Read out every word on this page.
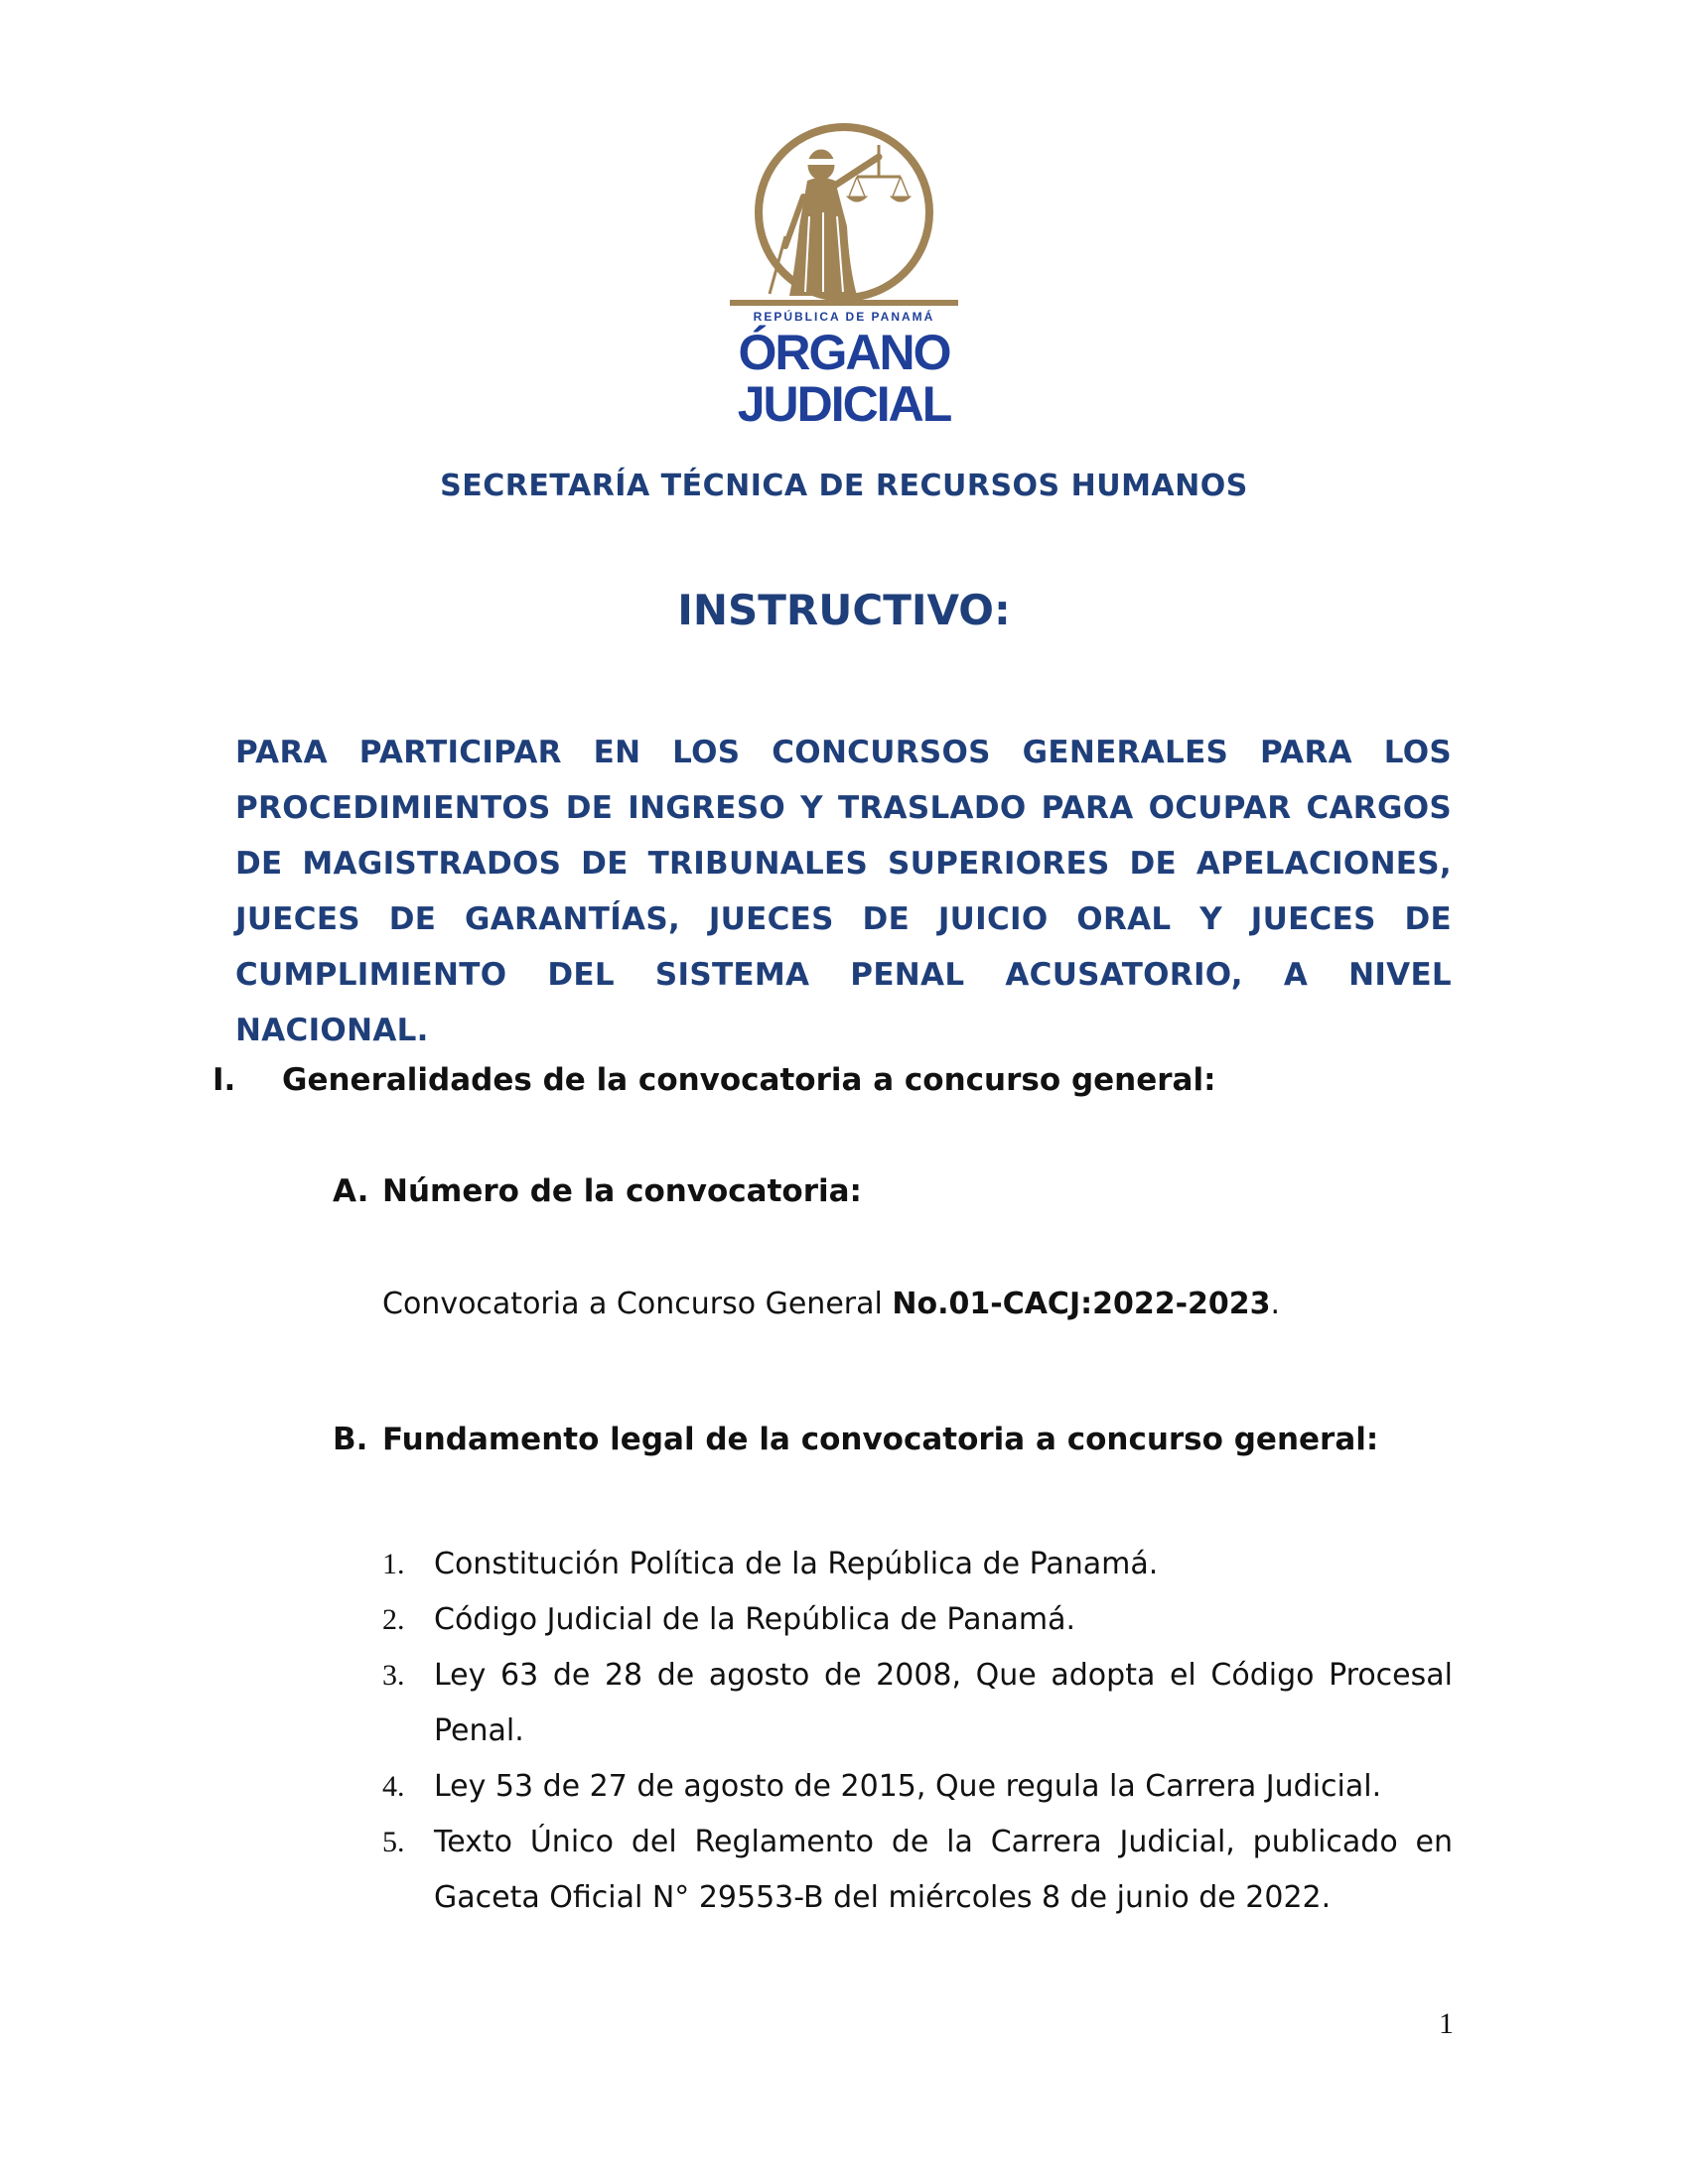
REPÚBLICA DE PANAMÁ
ÓRGANO
JUDICIAL
SECRETARÍA TÉCNICA DE RECURSOS HUMANOS
INSTRUCTIVO:
PARA PARTICIPAR EN LOS CONCURSOS GENERALES PARA LOS PROCEDIMIENTOS DE INGRESO Y TRASLADO PARA OCUPAR CARGOS DE MAGISTRADOS DE TRIBUNALES SUPERIORES DE APELACIONES, JUECES DE GARANTÍAS, JUECES DE JUICIO ORAL Y JUECES DE CUMPLIMIENTO DEL SISTEMA PENAL ACUSATORIO, A NIVEL NACIONAL.
I. Generalidades de la convocatoria a concurso general:
A. Número de la convocatoria:
Convocatoria a Concurso General No.01-CACJ:2022-2023.
B. Fundamento legal de la convocatoria a concurso general:
1. Constitución Política de la República de Panamá.
2. Código Judicial de la República de Panamá.
3. Ley 63 de 28 de agosto de 2008, Que adopta el Código Procesal Penal.
4. Ley 53 de 27 de agosto de 2015, Que regula la Carrera Judicial.
5. Texto Único del Reglamento de la Carrera Judicial, publicado en Gaceta Oficial N° 29553-B del miércoles 8 de junio de 2022.
1
